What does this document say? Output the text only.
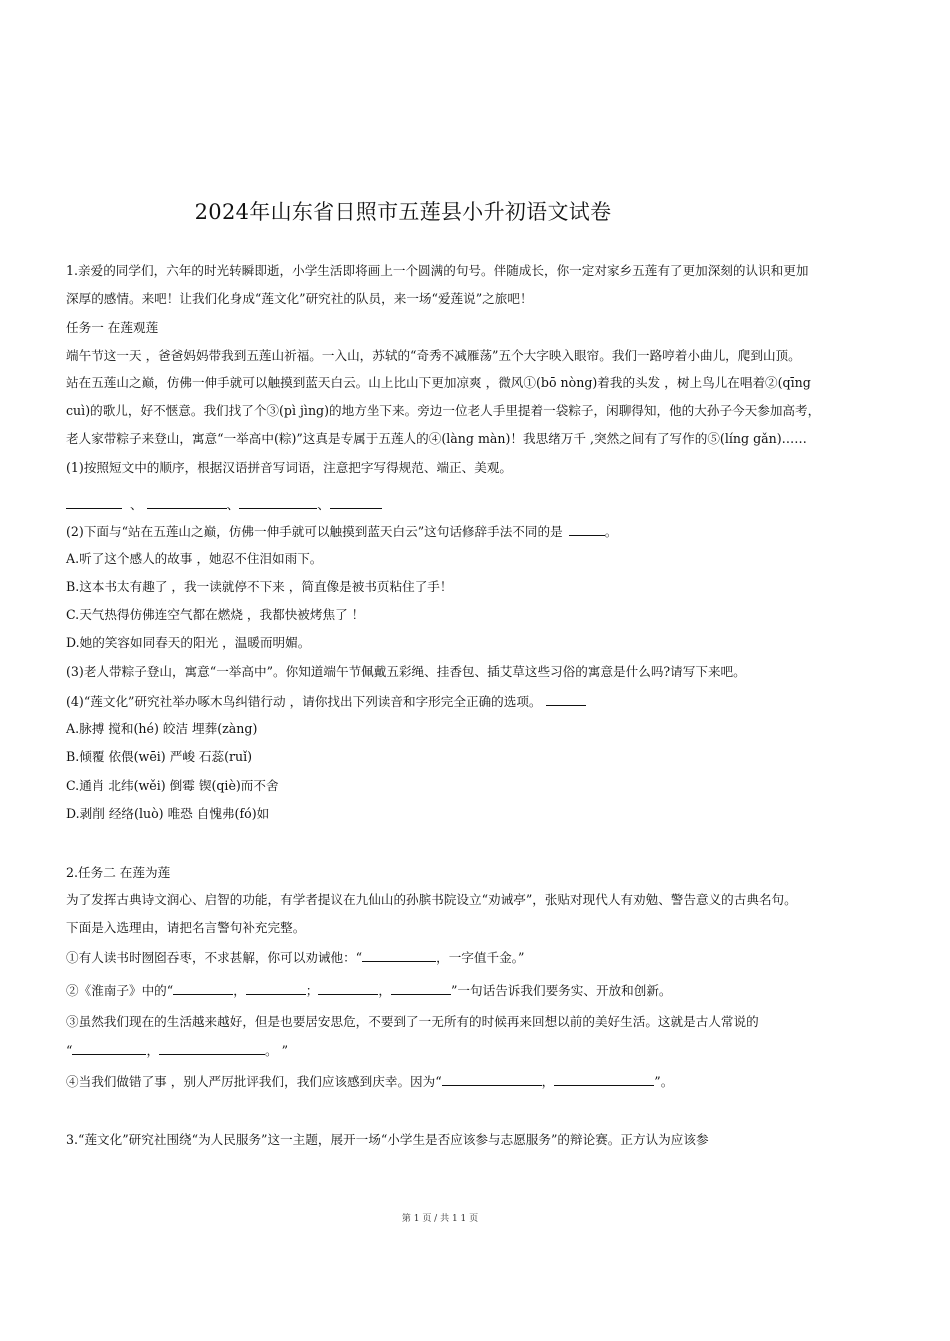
2024年山东省日照市五莲县小升初语文试卷
1.亲爱的同学们，六年的时光转瞬即逝，小学生活即将画上一个圆满的句号。伴随成长，你一定对家乡五莲有了更加深刻的认识和更加
深厚的感情。来吧！让我们化身成“莲文化”研究社的队员，来一场“爱莲说”之旅吧！
任务一 在莲观莲
端午节这一天 ，爸爸妈妈带我到五莲山祈福。一入山，苏轼的“奇秀不减雁荡”五个大字映入眼帘。我们一路哼着小曲儿，爬到山顶。
站在五莲山之巅，仿佛一伸手就可以触摸到蓝天白云。山上比山下更加凉爽 ，微风①(bō nòng)着我的头发 ，树上鸟儿在唱着②(qīng
cuì)的歌儿，好不惬意。我们找了个③(pì jìng)的地方坐下来。旁边一位老人手里提着一袋粽子，闲聊得知，他的大孙子今天参加高考，
老人家带粽子来登山，寓意“一举高中(粽)”这真是专属于五莲人的④(làng màn)！我思绪万千 ,突然之间有了写作的⑤(líng gǎn)……
(1)按照短文中的顺序，根据汉语拼音写词语，注意把字写得规范、端正、美观。
、	、	、
(2)下面与“站在五莲山之巅，仿佛一伸手就可以触摸到蓝天白云”这句话修辞手法不同的是	。
A.听了这个感人的故事 ，她忍不住泪如雨下。
B.这本书太有趣了 ，我一读就停不下来 ，简直像是被书页粘住了手！
C.天气热得仿佛连空气都在燃烧 ，我都快被烤焦了 ！
D.她的笑容如同春天的阳光 ，温暖而明媚。
(3)老人带粽子登山，寓意“一举高中”。你知道端午节佩戴五彩绳、挂香包、插艾草这些习俗的寓意是什么吗?请写下来吧。
(4)“莲文化”研究社举办啄木鸟纠错行动 ，请你找出下列读音和字形完全正确的选项。
A.脉搏 搅和(hé) 皎洁 埋葬(zàng)
B.倾覆 依偎(wēi) 严峻 石蕊(ruǐ)
C.通肖 北纬(wěi) 倒霉 锲(qiè)而不舍
D.剥削 经络(luò) 唯恐 自愧弗(fó)如
2.任务二 在莲为莲
为了发挥古典诗文润心、启智的功能，有学者提议在九仙山的孙膑书院设立“劝诫亭”，张贴对现代人有劝勉、警告意义的古典名句。
下面是入选理由，请把名言警句补充完整。
①有人读书时囫囵吞枣，不求甚解，你可以劝诫他：“	，一字值千金。”
②《淮南子》中的“	，	；	，	”一句话告诉我们要务实、开放和创新。
③虽然我们现在的生活越来越好，但是也要居安思危，不要到了一无所有的时候再来回想以前的美好生活。这就是古人常说的
“	，	。 ”
④当我们做错了事 ，别人严厉批评我们，我们应该感到庆幸。因为“	，	”。
3.“莲文化”研究社围绕“为人民服务”这一主题，展开一场“小学生是否应该参与志愿服务”的辩论赛。正方认为应该参
第 1 页 / 共 1 1 页
